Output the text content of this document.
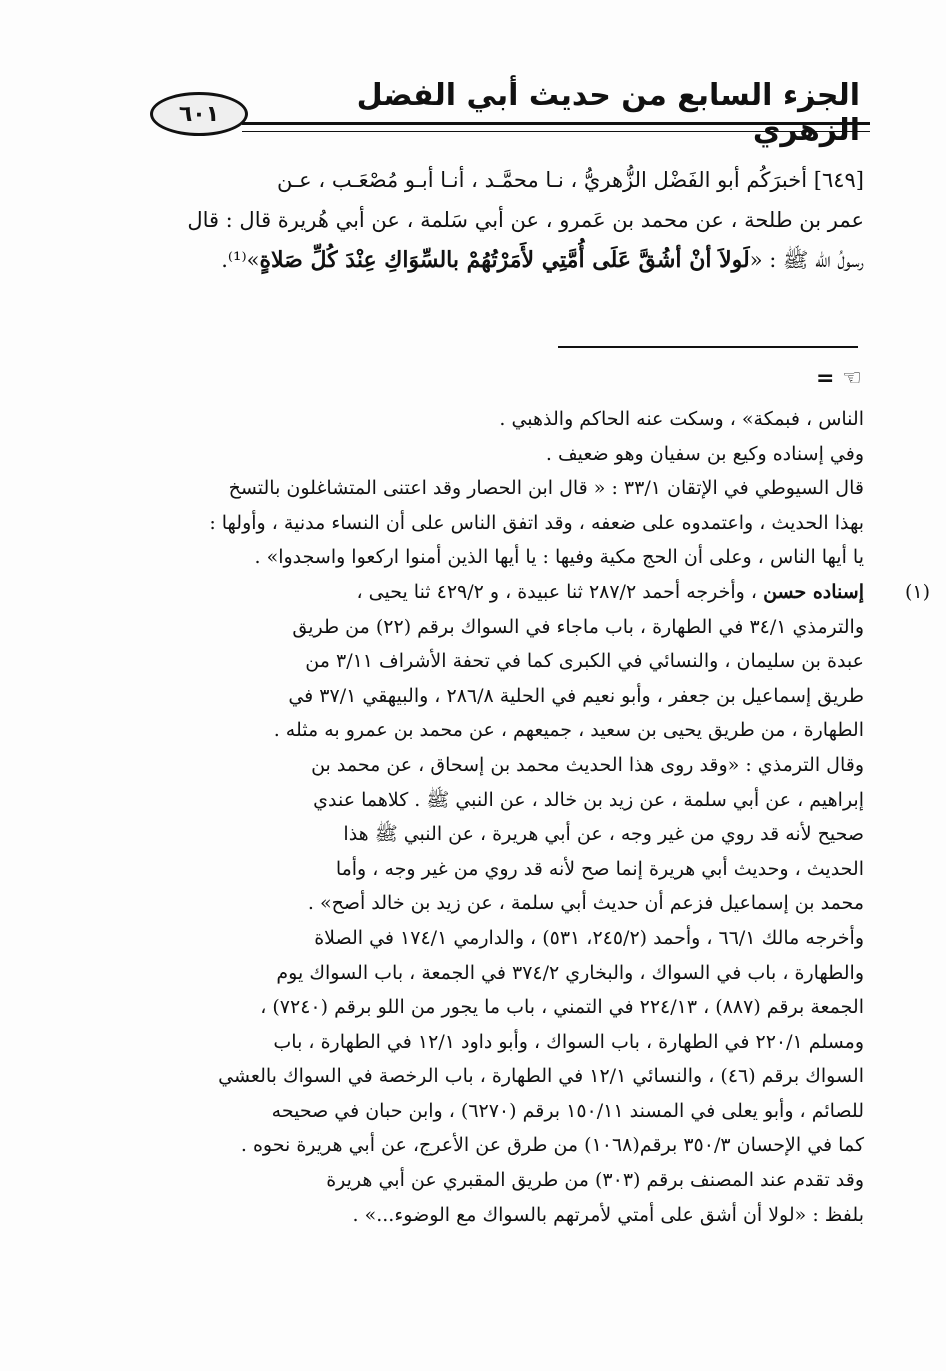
٦٠١
الجزء السابع من حديث أبي الفضل الزهري

[٦٤٩] أخبرَكُم أبو الفَضْل الزُّهريُّ ، نـا محمَّـد ، أنـا أبـو مُصْعَـب ، عـن

عمر بن طلحة ، عن محمد بن عَمرو ، عن أبي سَلمة ، عن أبي هُريرة قال : قال

رسولُ الله ﷺ : «لَولاَ أنْ أشُقَّ عَلَى أُمَّتِي لأَمَرْتُهُمْ بالسِّوَاكِ عِنْدَ كُلِّ صَلاةٍ»⁽¹⁾.

= ☜

الناس ، فبمكة» ، وسكت عنه الحاكم والذهبي .

وفي إسناده وكيع بن سفيان وهو ضعيف .

قال السيوطي في الإتقان ٣٣/١ : « قال ابن الحصار وقد اعتنى المتشاغلون بالتسخ

بهذا الحديث ، واعتمدوه على ضعفه ، وقد اتفق الناس على أن النساء مدنية ، وأولها :

يا أيها الناس ، وعلى أن الحج مكية وفيها : يا أيها الذين أمنوا اركعوا واسجدوا» .

(١)
إسناده حسن ، وأخرجه أحمد ٢٨٧/٢ ثنا عبيدة ، و ٤٢٩/٢ ثنا يحيى ،

والترمذي ٣٤/١ في الطهارة ، باب ماجاء في السواك برقم (٢٢) من طريق

عبدة بن سليمان ، والنسائي في الكبرى كما في تحفة الأشراف ٣/١١ من

طريق إسماعيل بن جعفر ، وأبو نعيم في الحلية ٢٨٦/٨ ، والبيهقي ٣٧/١ في

الطهارة ، من طريق يحيى بن سعيد ، جميعهم ، عن محمد بن عمرو به مثله .

وقال الترمذي : «وقد روى هذا الحديث محمد بن إسحاق ، عن محمد بن

إبراهيم ، عن أبي سلمة ، عن زيد بن خالد ، عن النبي ﷺ . كلاهما عندي

صحيح لأنه قد روي من غير وجه ، عن أبي هريرة ، عن النبي ﷺ هذا

الحديث ، وحديث أبي هريرة إنما صح لأنه قد روي من غير وجه ، وأما

محمد بن إسماعيل فزعم أن حديث أبي سلمة ، عن زيد بن خالد أصح» .

وأخرجه مالك ٦٦/١ ، وأحمد (٢٤٥/٢، ٥٣١) ، والدارمي ١٧٤/١ في الصلاة

والطهارة ، باب في السواك ، والبخاري ٣٧٤/٢ في الجمعة ، باب السواك يوم

الجمعة برقم (٨٨٧) ، ٢٢٤/١٣ في التمني ، باب ما يجور من اللو برقم (٧٢٤٠) ،

ومسلم ٢٢٠/١ في الطهارة ، باب السواك ، وأبو داود ١٢/١ في الطهارة ، باب

السواك برقم (٤٦) ، والنسائي ١٢/١ في الطهارة ، باب الرخصة في السواك بالعشي

للصائم ، وأبو يعلى في المسند ١٥٠/١١ برقم (٦٢٧٠) ، وابن حبان في صحيحه

كما في الإحسان ٣٥٠/٣ برقم(١٠٦٨) من طرق عن الأعرج، عن أبي هريرة نحوه .

وقد تقدم عند المصنف برقم (٣٠٣) من طريق المقبري عن أبي هريرة

بلفظ : «لولا أن أشق على أمتي لأمرتهم بالسواك مع الوضوء...» .
